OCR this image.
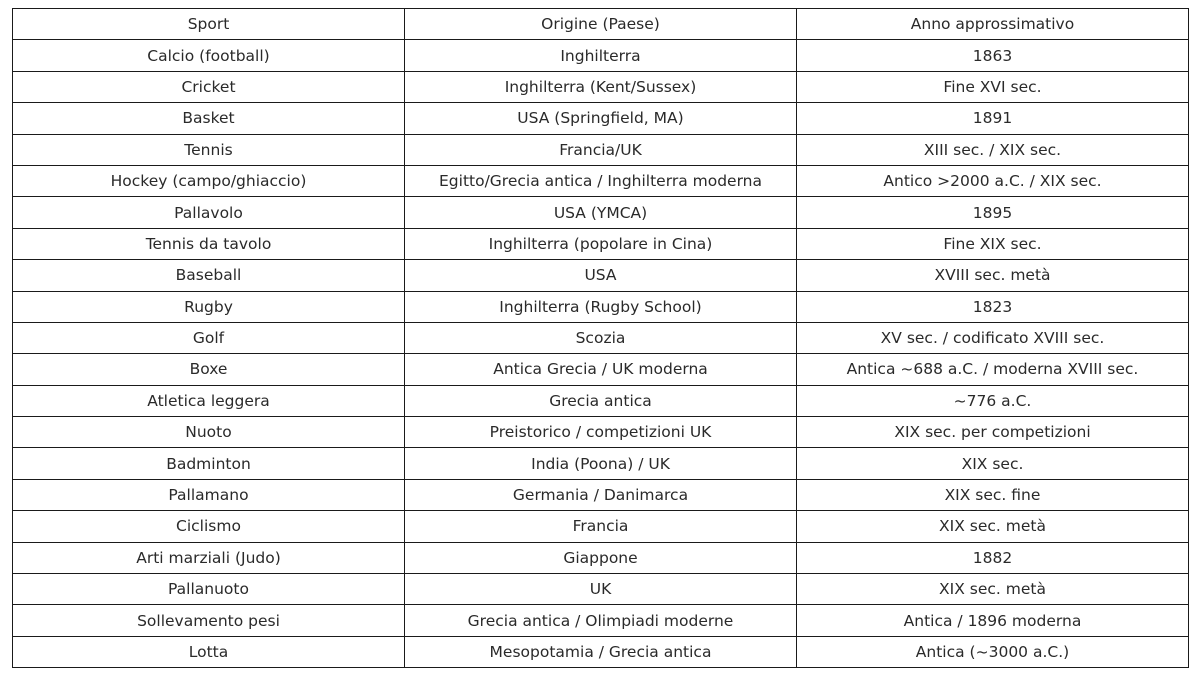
Sport	Origine (Paese)	Anno approssimativo
Calcio (football)	Inghilterra	1863
Cricket	Inghilterra (Kent/Sussex)	Fine XVI sec.
Basket	USA (Springfield, MA)	1891
Tennis	Francia/UK	XIII sec. / XIX sec.
Hockey (campo/ghiaccio)	Egitto/Grecia antica / Inghilterra moderna	Antico >2000 a.C. / XIX sec.
Pallavolo	USA (YMCA)	1895
Tennis da tavolo	Inghilterra (popolare in Cina)	Fine XIX sec.
Baseball	USA	XVIII sec. metà
Rugby	Inghilterra (Rugby School)	1823
Golf	Scozia	XV sec. / codificato XVIII sec.
Boxe	Antica Grecia / UK moderna	Antica ~688 a.C. / moderna XVIII sec.
Atletica leggera	Grecia antica	~776 a.C.
Nuoto	Preistorico / competizioni UK	XIX sec. per competizioni
Badminton	India (Poona) / UK	XIX sec.
Pallamano	Germania / Danimarca	XIX sec. fine
Ciclismo	Francia	XIX sec. metà
Arti marziali (Judo)	Giappone	1882
Pallanuoto	UK	XIX sec. metà
Sollevamento pesi	Grecia antica / Olimpiadi moderne	Antica / 1896 moderna
Lotta	Mesopotamia / Grecia antica	Antica (~3000 a.C.)
